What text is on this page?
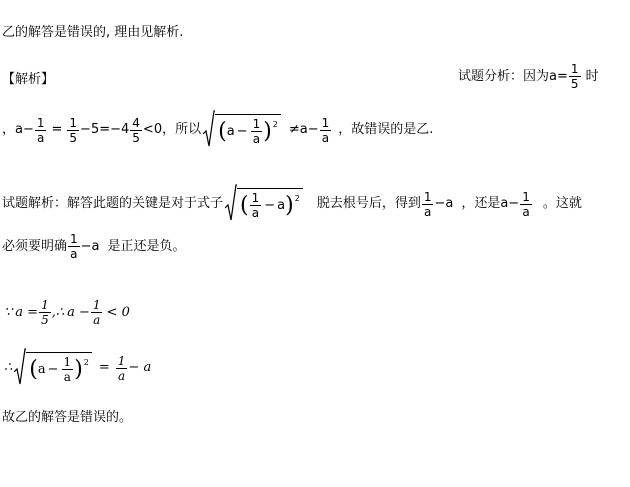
乙的解答是错误的, 理由见解析.
【解析】	试题分析：因为$a= \frac{1}{5}$ 时
，$a- \frac{1}{a} = \frac{1}{5} -5=-4 \frac{4}{5} <0$，所以 ( $a - \frac{1}{a}$ ) $2 \ne a- \frac{1}{a}$ ，故错误的是乙.
试题解析：解答此题的关键是对于式子 ( $\frac{1}{a} - a$ ) 2 脱去根号后，得到 $\frac{1}{a} -a$ ，还是$a- \frac{1}{a}$ 。这就
必须要明确 $\frac{1}{a} -a$ 是正还是负。
∵ $a = \frac{1}{5}$ , ∴ $a - \frac{1}{a} < 0$
∴ ( $a - \frac{1}{a}$ ) $2 = \frac{1}{a} - a$
故乙的解答是错误的。
